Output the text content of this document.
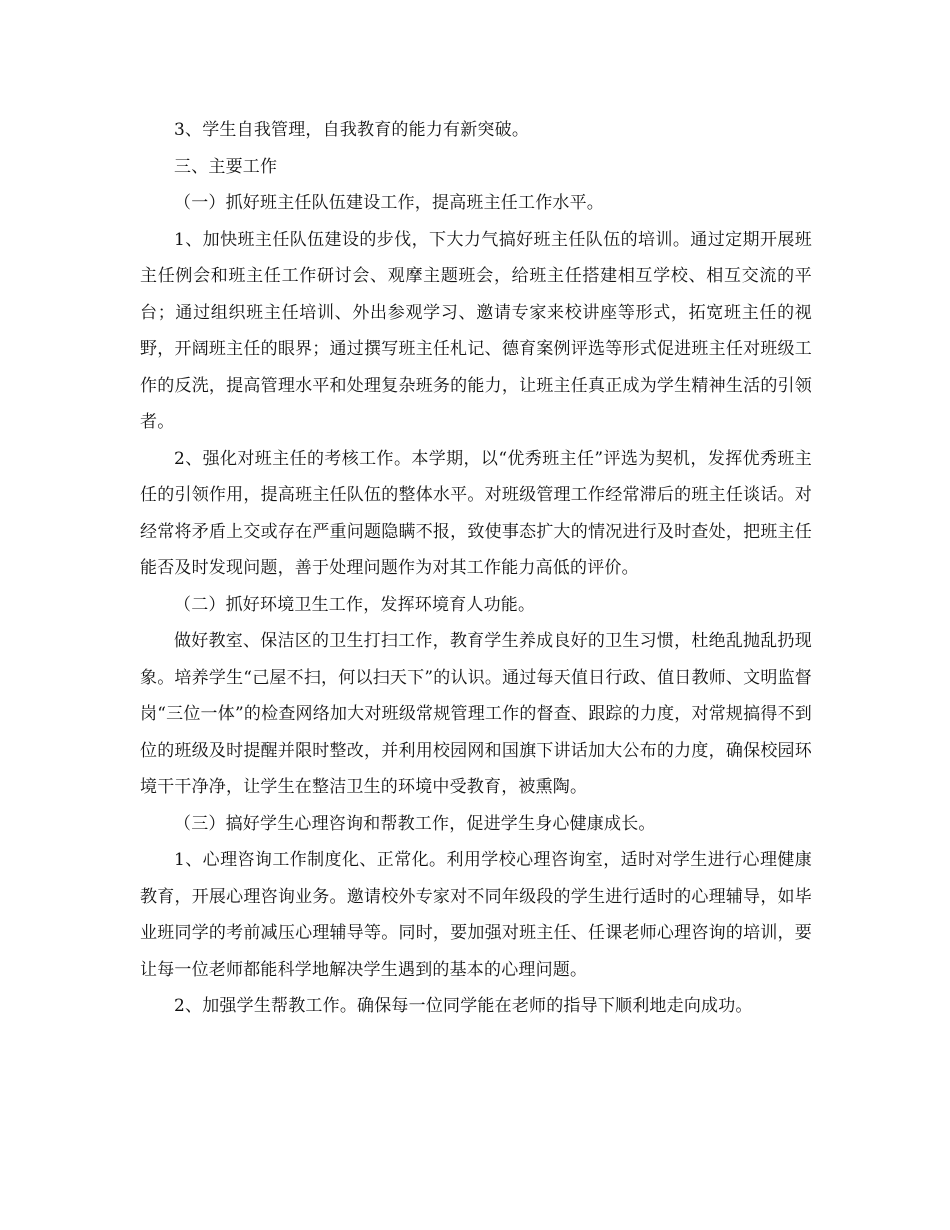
3、学生自我管理，自我教育的能力有新突破。

三、主要工作

（一）抓好班主任队伍建设工作，提高班主任工作水平。

1、加快班主任队伍建设的步伐，下大力气搞好班主任队伍的培训。通过定期开展班主任例会和班主任工作研讨会、观摩主题班会，给班主任搭建相互学校、相互交流的平台；通过组织班主任培训、外出参观学习、邀请专家来校讲座等形式，拓宽班主任的视野，开阔班主任的眼界；通过撰写班主任札记、德育案例评选等形式促进班主任对班级工作的反洗，提高管理水平和处理复杂班务的能力，让班主任真正成为学生精神生活的引领者。

2、强化对班主任的考核工作。本学期，以“优秀班主任”评选为契机，发挥优秀班主任的引领作用，提高班主任队伍的整体水平。对班级管理工作经常滞后的班主任谈话。对经常将矛盾上交或存在严重问题隐瞒不报，致使事态扩大的情况进行及时查处，把班主任能否及时发现问题，善于处理问题作为对其工作能力高低的评价。

（二）抓好环境卫生工作，发挥环境育人功能。

做好教室、保洁区的卫生打扫工作，教育学生养成良好的卫生习惯，杜绝乱抛乱扔现象。培养学生“己屋不扫，何以扫天下”的认识。通过每天值日行政、值日教师、文明监督岗“三位一体”的检查网络加大对班级常规管理工作的督查、跟踪的力度，对常规搞得不到位的班级及时提醒并限时整改，并利用校园网和国旗下讲话加大公布的力度，确保校园环境干干净净，让学生在整洁卫生的环境中受教育，被熏陶。

（三）搞好学生心理咨询和帮教工作，促进学生身心健康成长。

1、心理咨询工作制度化、正常化。利用学校心理咨询室，适时对学生进行心理健康教育，开展心理咨询业务。邀请校外专家对不同年级段的学生进行适时的心理辅导，如毕业班同学的考前减压心理辅导等。同时，要加强对班主任、任课老师心理咨询的培训，要让每一位老师都能科学地解决学生遇到的基本的心理问题。

2、加强学生帮教工作。确保每一位同学能在老师的指导下顺利地走向成功。
